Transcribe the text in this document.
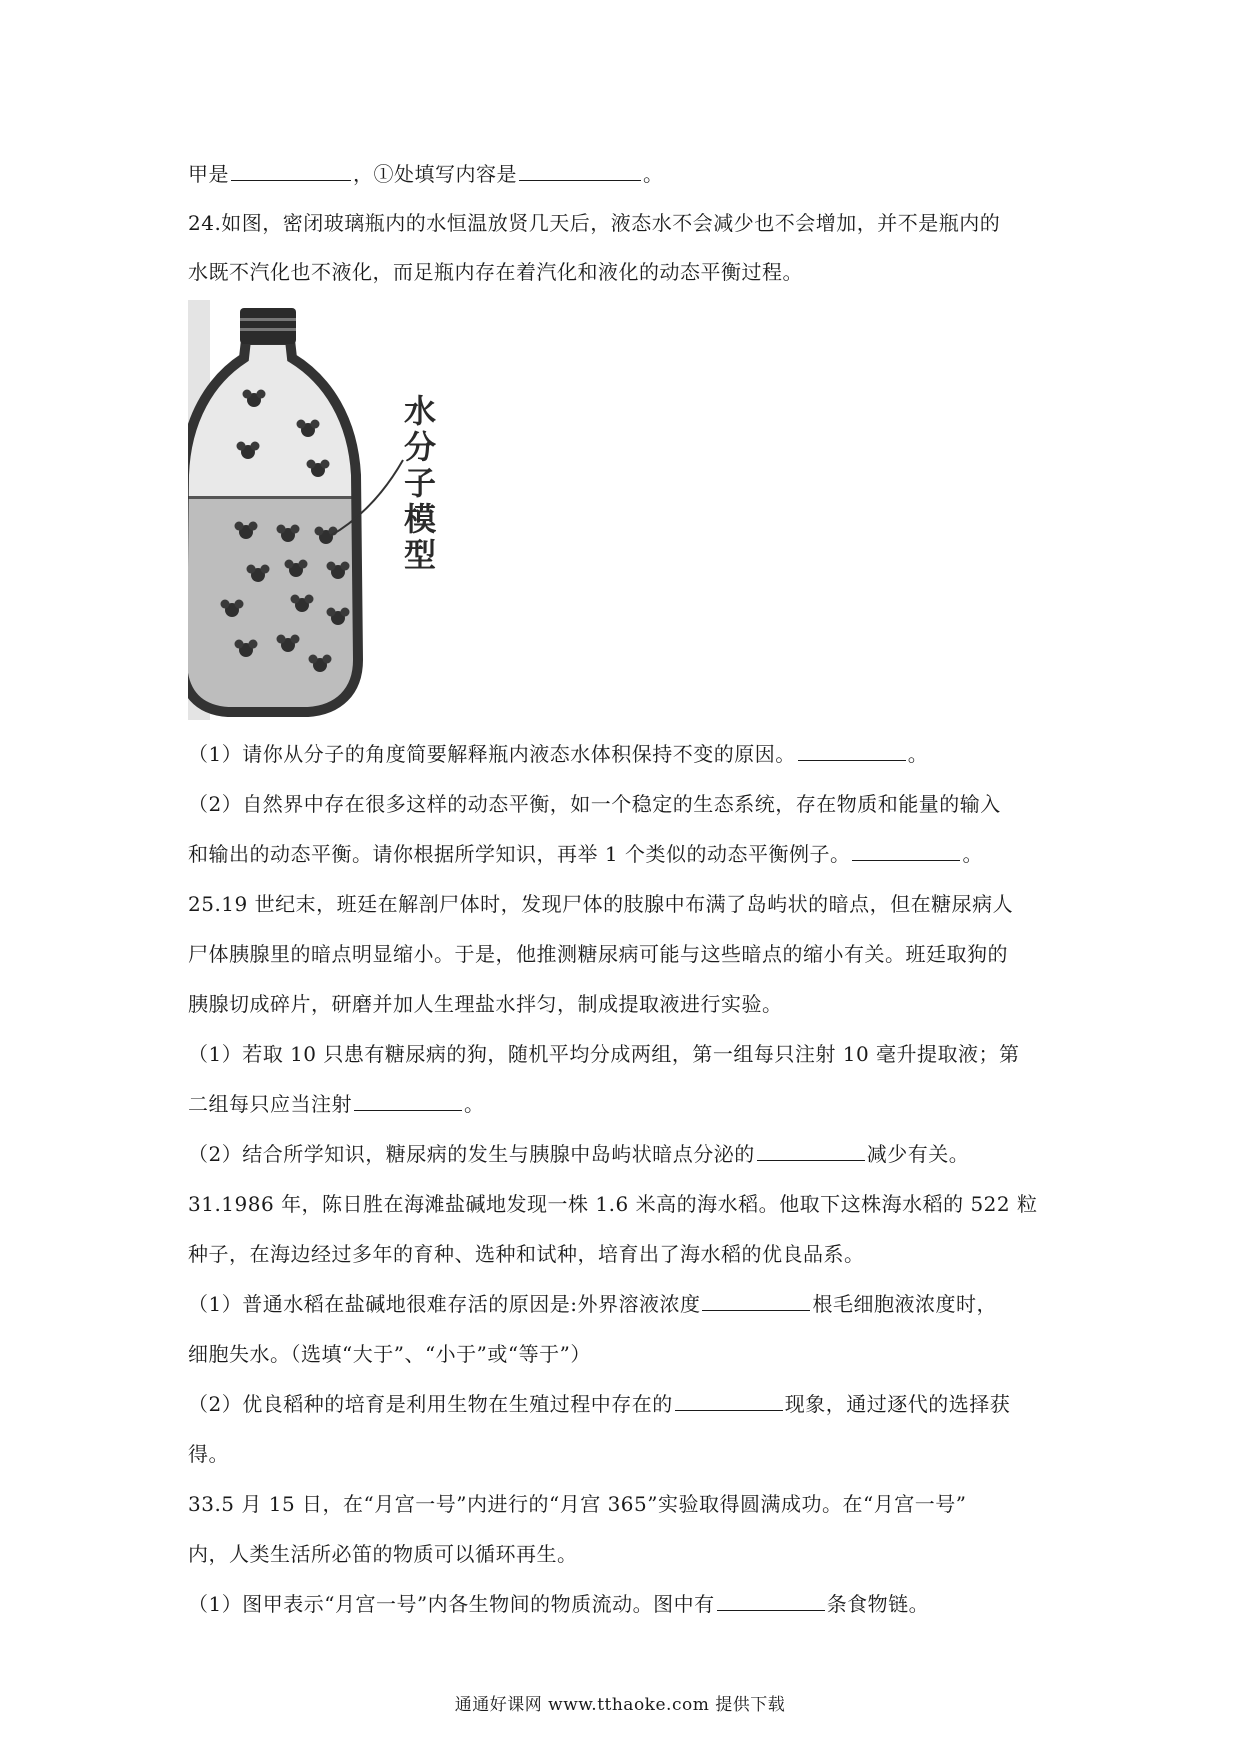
甲是	，①处填写内容是	。
24.如图，密闭玻璃瓶内的水恒温放贤几天后，液态水不会减少也不会增加，并不是瓶内的
水既不汽化也不液化，而足瓶内存在着汽化和液化的动态平衡过程。
水
分
子
模
型
（1）请你从分子的角度简要解释瓶内液态水体积保持不变的原因。	。
（2）自然界中存在很多这样的动态平衡，如一个稳定的生态系统，存在物质和能量的输入
和输出的动态平衡。请你根据所学知识，再举 1 个类似的动态平衡例子。	。
25.19 世纪末，班廷在解剖尸体时，发现尸体的肢腺中布满了岛屿状的暗点，但在糖尿病人
尸体胰腺里的暗点明显缩小。于是，他推测糖尿病可能与这些暗点的缩小有关。班廷取狗的
胰腺切成碎片，研磨并加人生理盐水拌匀，制成提取液进行实验。
（1）若取 10 只患有糖尿病的狗，随机平均分成两组，第一组每只注射 10 毫升提取液；第
二组每只应当注射	。
（2）结合所学知识，糖尿病的发生与胰腺中岛屿状暗点分泌的	减少有关。
31.1986 年，陈日胜在海滩盐碱地发现一株 1.6 米高的海水稻。他取下这株海水稻的 522 粒
种子，在海边经过多年的育种、选种和试种，培育出了海水稻的优良品系。
（1）普通水稻在盐碱地很难存活的原因是:外界溶液浓度	根毛细胞液浓度时，
细胞失水。（选填“大于”、“小于”或“等于”）
（2）优良稻种的培育是利用生物在生殖过程中存在的	现象，通过逐代的选择获
得。
33.5 月 15 日，在“月宫一号”内进行的“月宫 365”实验取得圆满成功。在“月宫一号”
内，人类生活所必笛的物质可以循环再生。
（1）图甲表示“月宫一号”内各生物间的物质流动。图中有	条食物链。
通通好课网 www.tthaoke.com 提供下载
